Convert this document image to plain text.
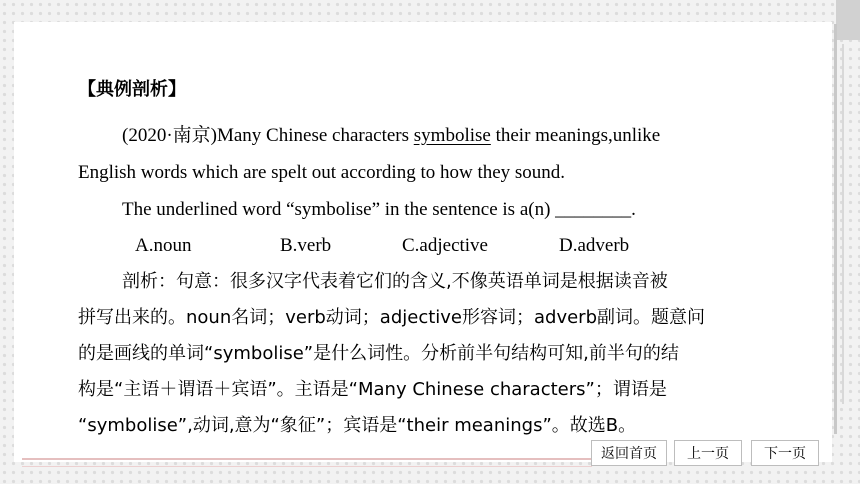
【典例剖析】
(2020·南京)Many Chinese characters symbolise their meanings,unlike
English words which are spelt out according to how they sound.
The underlined word “symbolise” in the sentence is a(n) ________.
A.noun	B.verb	C.adjective	D.adverb
剖析：句意：很多汉字代表着它们的含义,不像英语单词是根据读音被
拼写出来的。noun名词；verb动词；adjective形容词；adverb副词。题意问
的是画线的单词“symbolise”是什么词性。分析前半句结构可知,前半句的结
构是“主语＋谓语＋宾语”。主语是“Many Chinese characters”；谓语是
“symbolise”,动词,意为“象征”；宾语是“their meanings”。故选B。
返回首页	上一页	下一页
